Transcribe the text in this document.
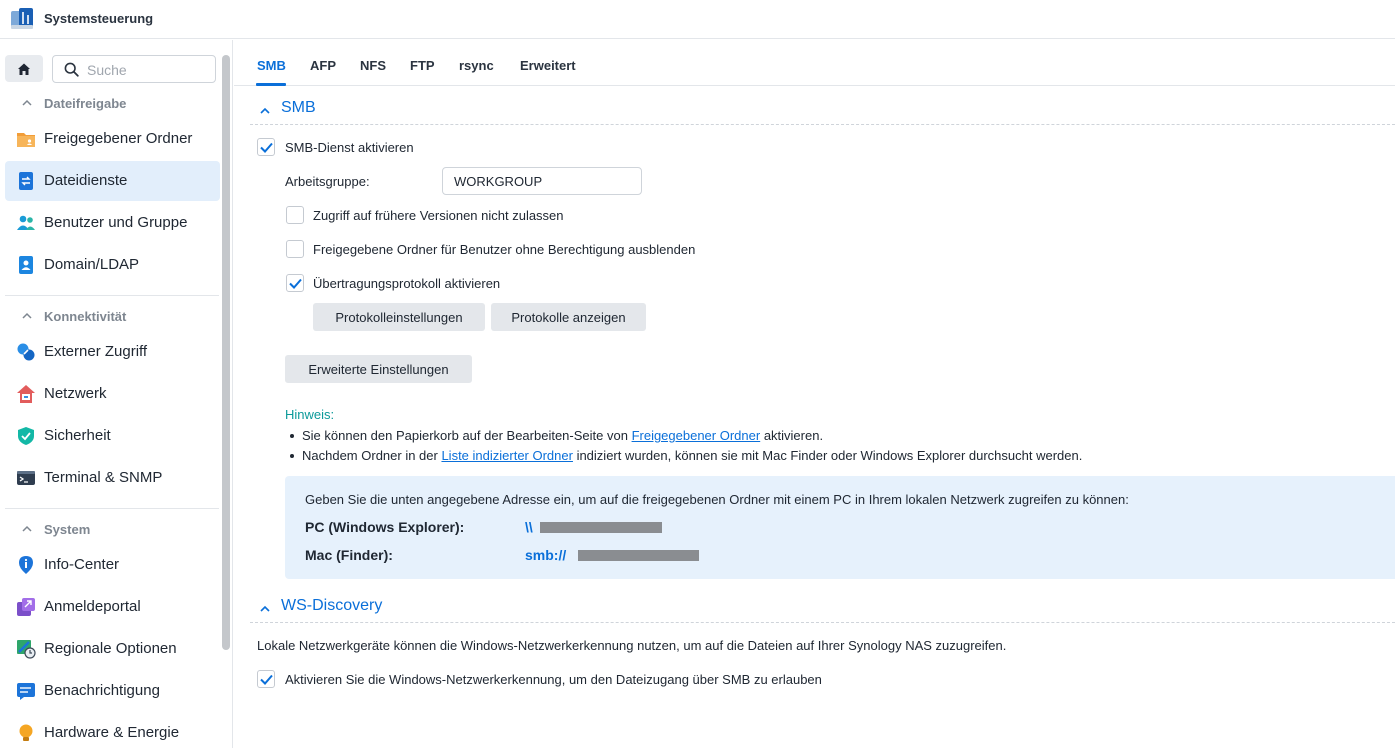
Systemsteuerung
Suche
Dateifreigabe
Freigegebener Ordner
Dateidienste
Benutzer und Gruppe
Domain/LDAP
Konnektivität
Externer Zugriff
Netzwerk
Sicherheit
Terminal & SNMP
System
Info-Center
Anmeldeportal
Regionale Optionen
Benachrichtigung
Hardware & Energie
SMB AFP NFS FTP rsync Erweitert
SMB
SMB-Dienst aktivieren
Arbeitsgruppe:
WORKGROUP
Zugriff auf frühere Versionen nicht zulassen
Freigegebene Ordner für Benutzer ohne Berechtigung ausblenden
Übertragungsprotokoll aktivieren
Protokolleinstellungen	Protokolle anzeigen
Erweiterte Einstellungen
Hinweis:
Sie können den Papierkorb auf der Bearbeiten-Seite von Freigegebener Ordner aktivieren.
Nachdem Ordner in der Liste indizierter Ordner indiziert wurden, können sie mit Mac Finder oder Windows Explorer durchsucht werden.
Geben Sie die unten angegebene Adresse ein, um auf die freigegebenen Ordner mit einem PC in Ihrem lokalen Netzwerk zugreifen zu können:
PC (Windows Explorer):	\\
Mac (Finder):	smb://
WS-Discovery
Lokale Netzwerkgeräte können die Windows-Netzwerkerkennung nutzen, um auf die Dateien auf Ihrer Synology NAS zuzugreifen.
Aktivieren Sie die Windows-Netzwerkerkennung, um den Dateizugang über SMB zu erlauben
